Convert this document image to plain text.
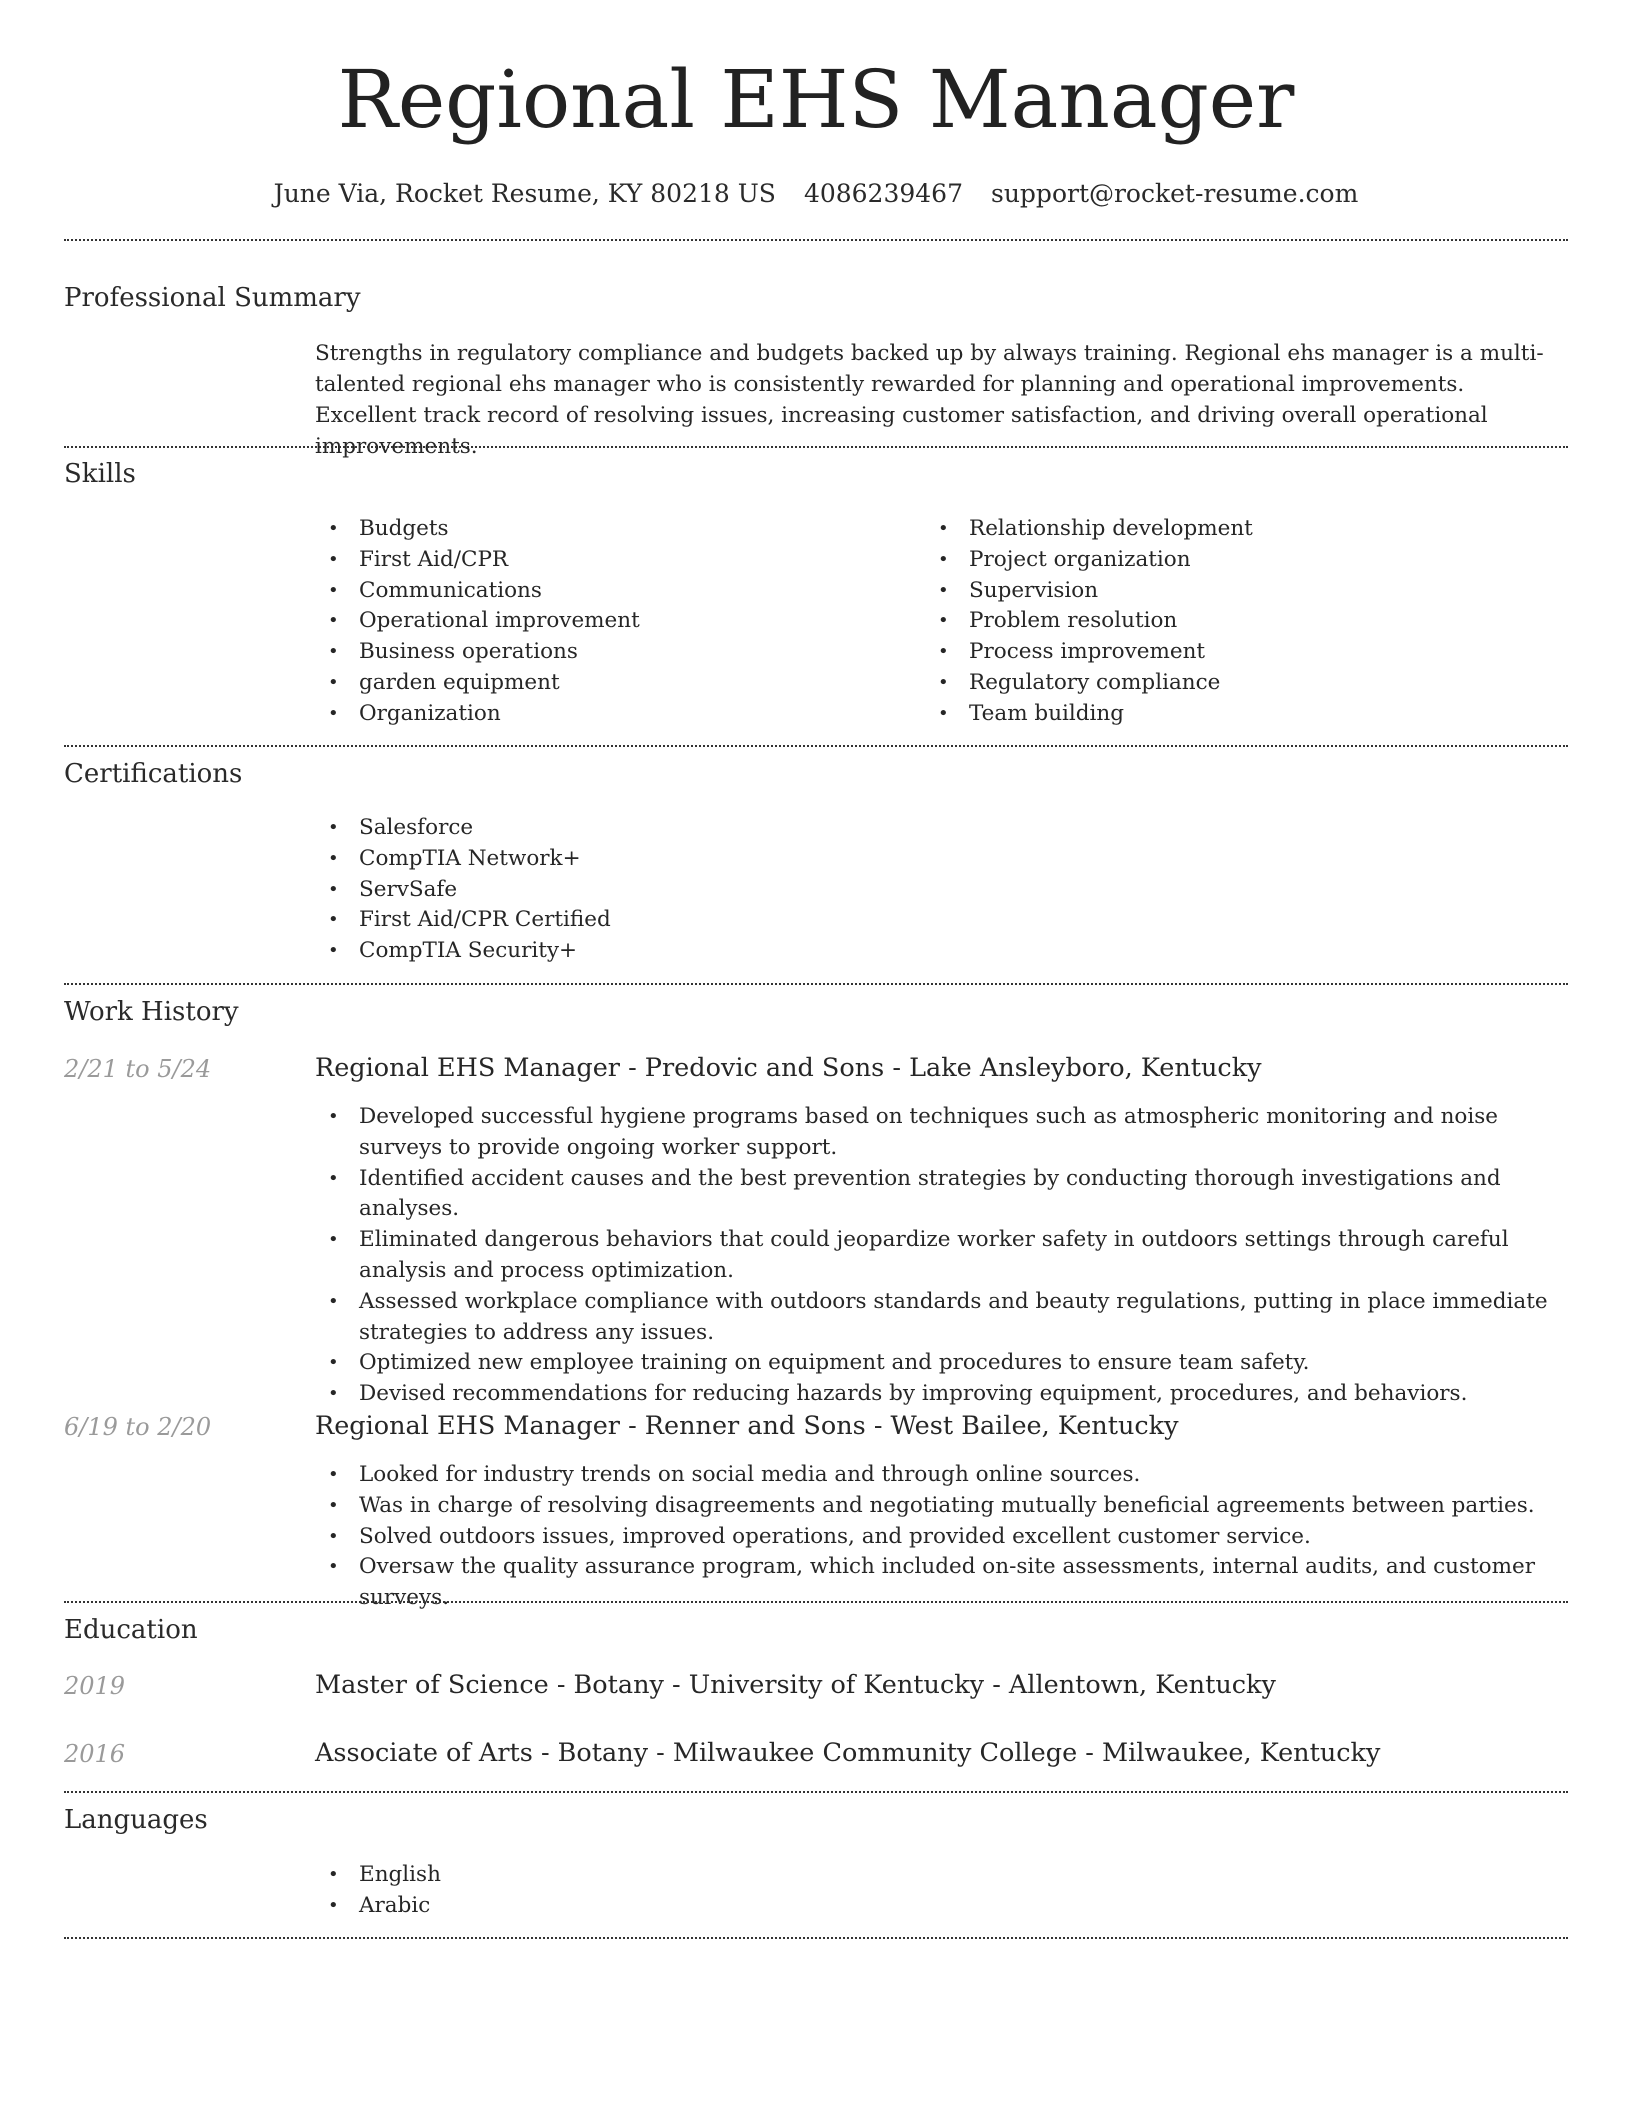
Regional EHS Manager
June Via, Rocket Resume, KY 80218 US 4086239467 support@rocket-resume.com
Professional Summary
Strengths in regulatory compliance and budgets backed up by always training. Regional ehs manager is a multi-talented regional ehs manager who is consistently rewarded for planning and operational improvements. Excellent track record of resolving issues, increasing customer satisfaction, and driving overall operational improvements.
Skills
• Budgets
• First Aid/CPR
• Communications
• Operational improvement
• Business operations
• garden equipment
• Organization
• Relationship development
• Project organization
• Supervision
• Problem resolution
• Process improvement
• Regulatory compliance
• Team building
Certifications
• Salesforce
• CompTIA Network+
• ServSafe
• First Aid/CPR Certified
• CompTIA Security+
Work History
2/21 to 5/24	Regional EHS Manager - Predovic and Sons - Lake Ansleyboro, Kentucky
• Developed successful hygiene programs based on techniques such as atmospheric monitoring and noise surveys to provide ongoing worker support.
• Identified accident causes and the best prevention strategies by conducting thorough investigations and analyses.
• Eliminated dangerous behaviors that could jeopardize worker safety in outdoors settings through careful analysis and process optimization.
• Assessed workplace compliance with outdoors standards and beauty regulations, putting in place immediate strategies to address any issues.
• Optimized new employee training on equipment and procedures to ensure team safety.
• Devised recommendations for reducing hazards by improving equipment, procedures, and behaviors.
6/19 to 2/20	Regional EHS Manager - Renner and Sons - West Bailee, Kentucky
• Looked for industry trends on social media and through online sources.
• Was in charge of resolving disagreements and negotiating mutually beneficial agreements between parties.
• Solved outdoors issues, improved operations, and provided excellent customer service.
• Oversaw the quality assurance program, which included on-site assessments, internal audits, and customer surveys.
Education
2019	Master of Science - Botany - University of Kentucky - Allentown, Kentucky
2016	Associate of Arts - Botany - Milwaukee Community College - Milwaukee, Kentucky
Languages
• English
• Arabic
